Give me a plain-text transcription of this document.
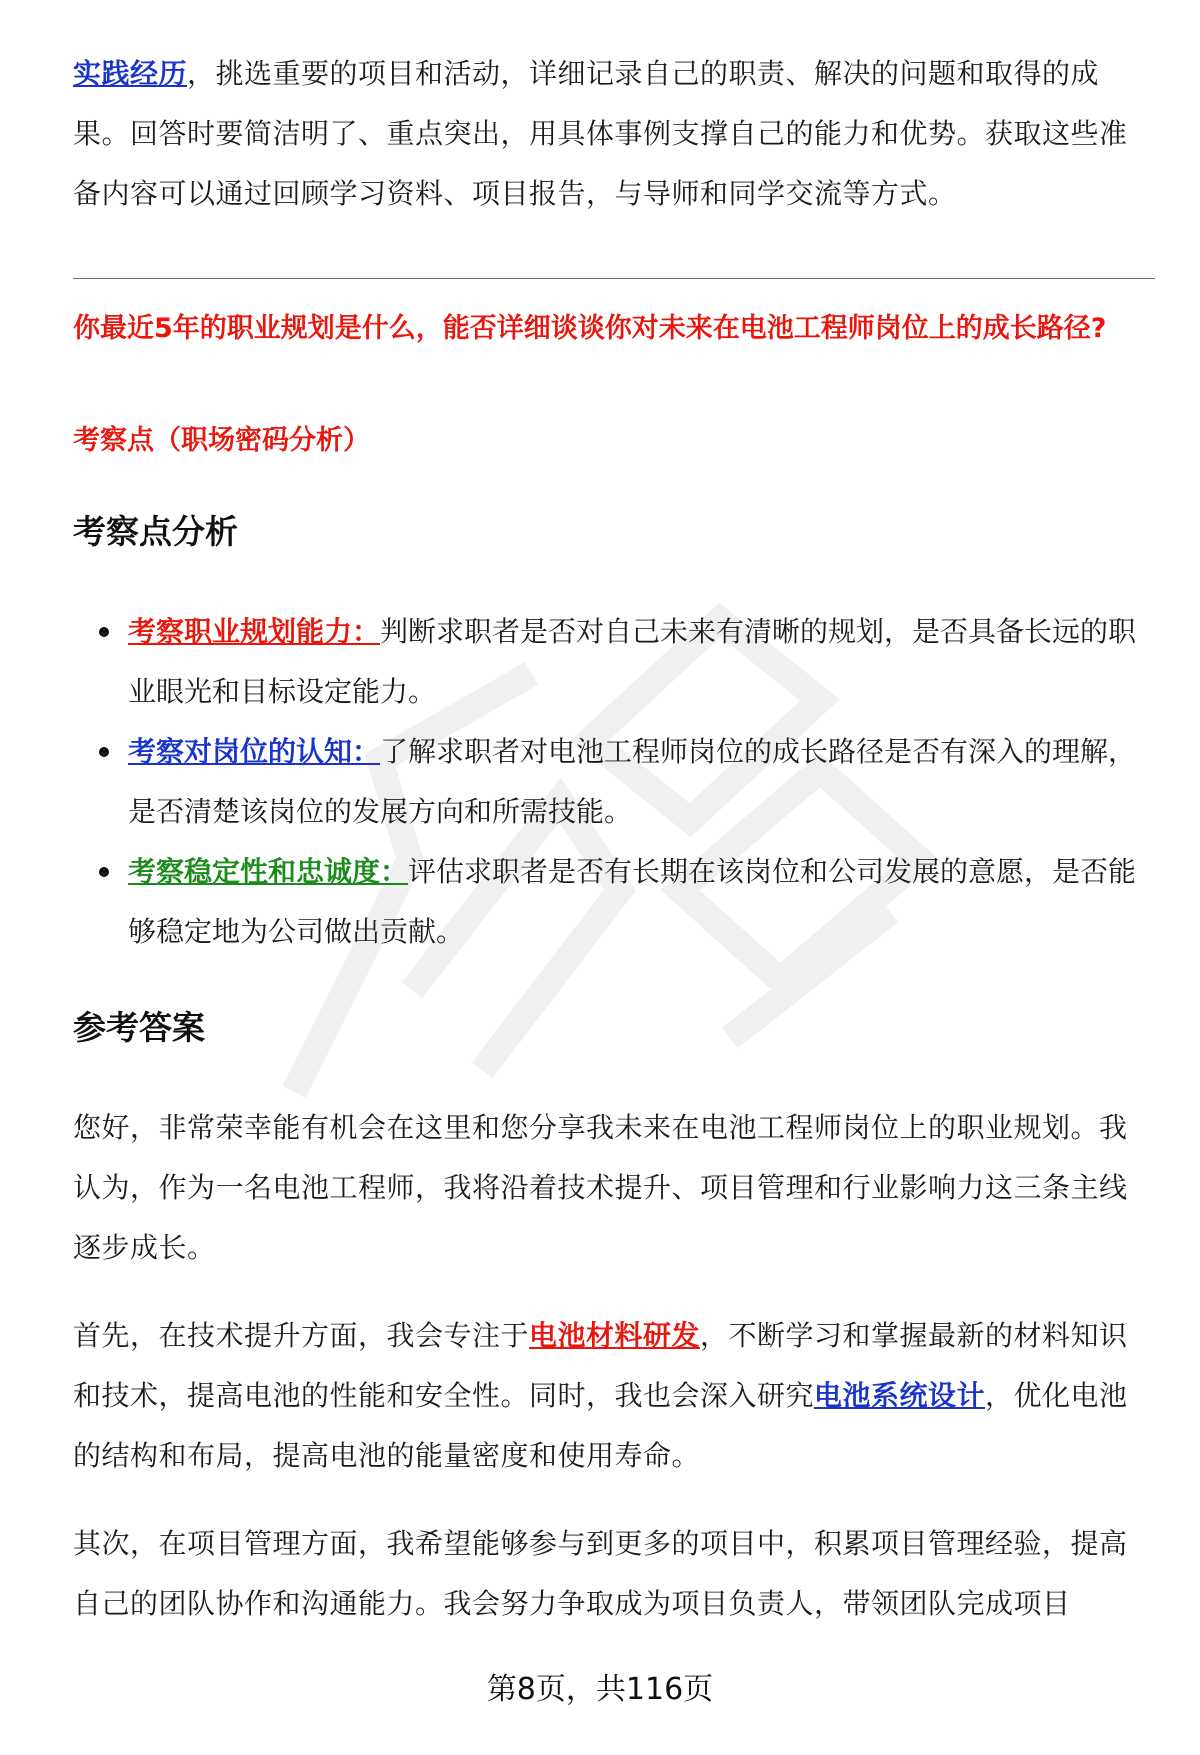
实践经历，挑选重要的项目和活动，详细记录自己的职责、解决的问题和取得的成果。回答时要简洁明了、重点突出，用具体事例支撑自己的能力和优势。获取这些准备内容可以通过回顾学习资料、项目报告，与导师和同学交流等方式。

你最近5年的职业规划是什么，能否详细谈谈你对未来在电池工程师岗位上的成长路径?

考察点（职场密码分析）

考察点分析
考察职业规划能力：判断求职者是否对自己未来有清晰的规划，是否具备长远的职业眼光和目标设定能力。
考察对岗位的认知：了解求职者对电池工程师岗位的成长路径是否有深入的理解，是否清楚该岗位的发展方向和所需技能。
考察稳定性和忠诚度：评估求职者是否有长期在该岗位和公司发展的意愿，是否能够稳定地为公司做出贡献。
参考答案

您好，非常荣幸能有机会在这里和您分享我未来在电池工程师岗位上的职业规划。我认为，作为一名电池工程师，我将沿着技术提升、项目管理和行业影响力这三条主线逐步成长。

首先，在技术提升方面，我会专注于电池材料研发，不断学习和掌握最新的材料知识和技术，提高电池的性能和安全性。同时，我也会深入研究电池系统设计，优化电池的结构和布局，提高电池的能量密度和使用寿命。

其次，在项目管理方面，我希望能够参与到更多的项目中，积累项目管理经验，提高自己的团队协作和沟通能力。我会努力争取成为项目负责人，带领团队完成项目

第8页，共116页
